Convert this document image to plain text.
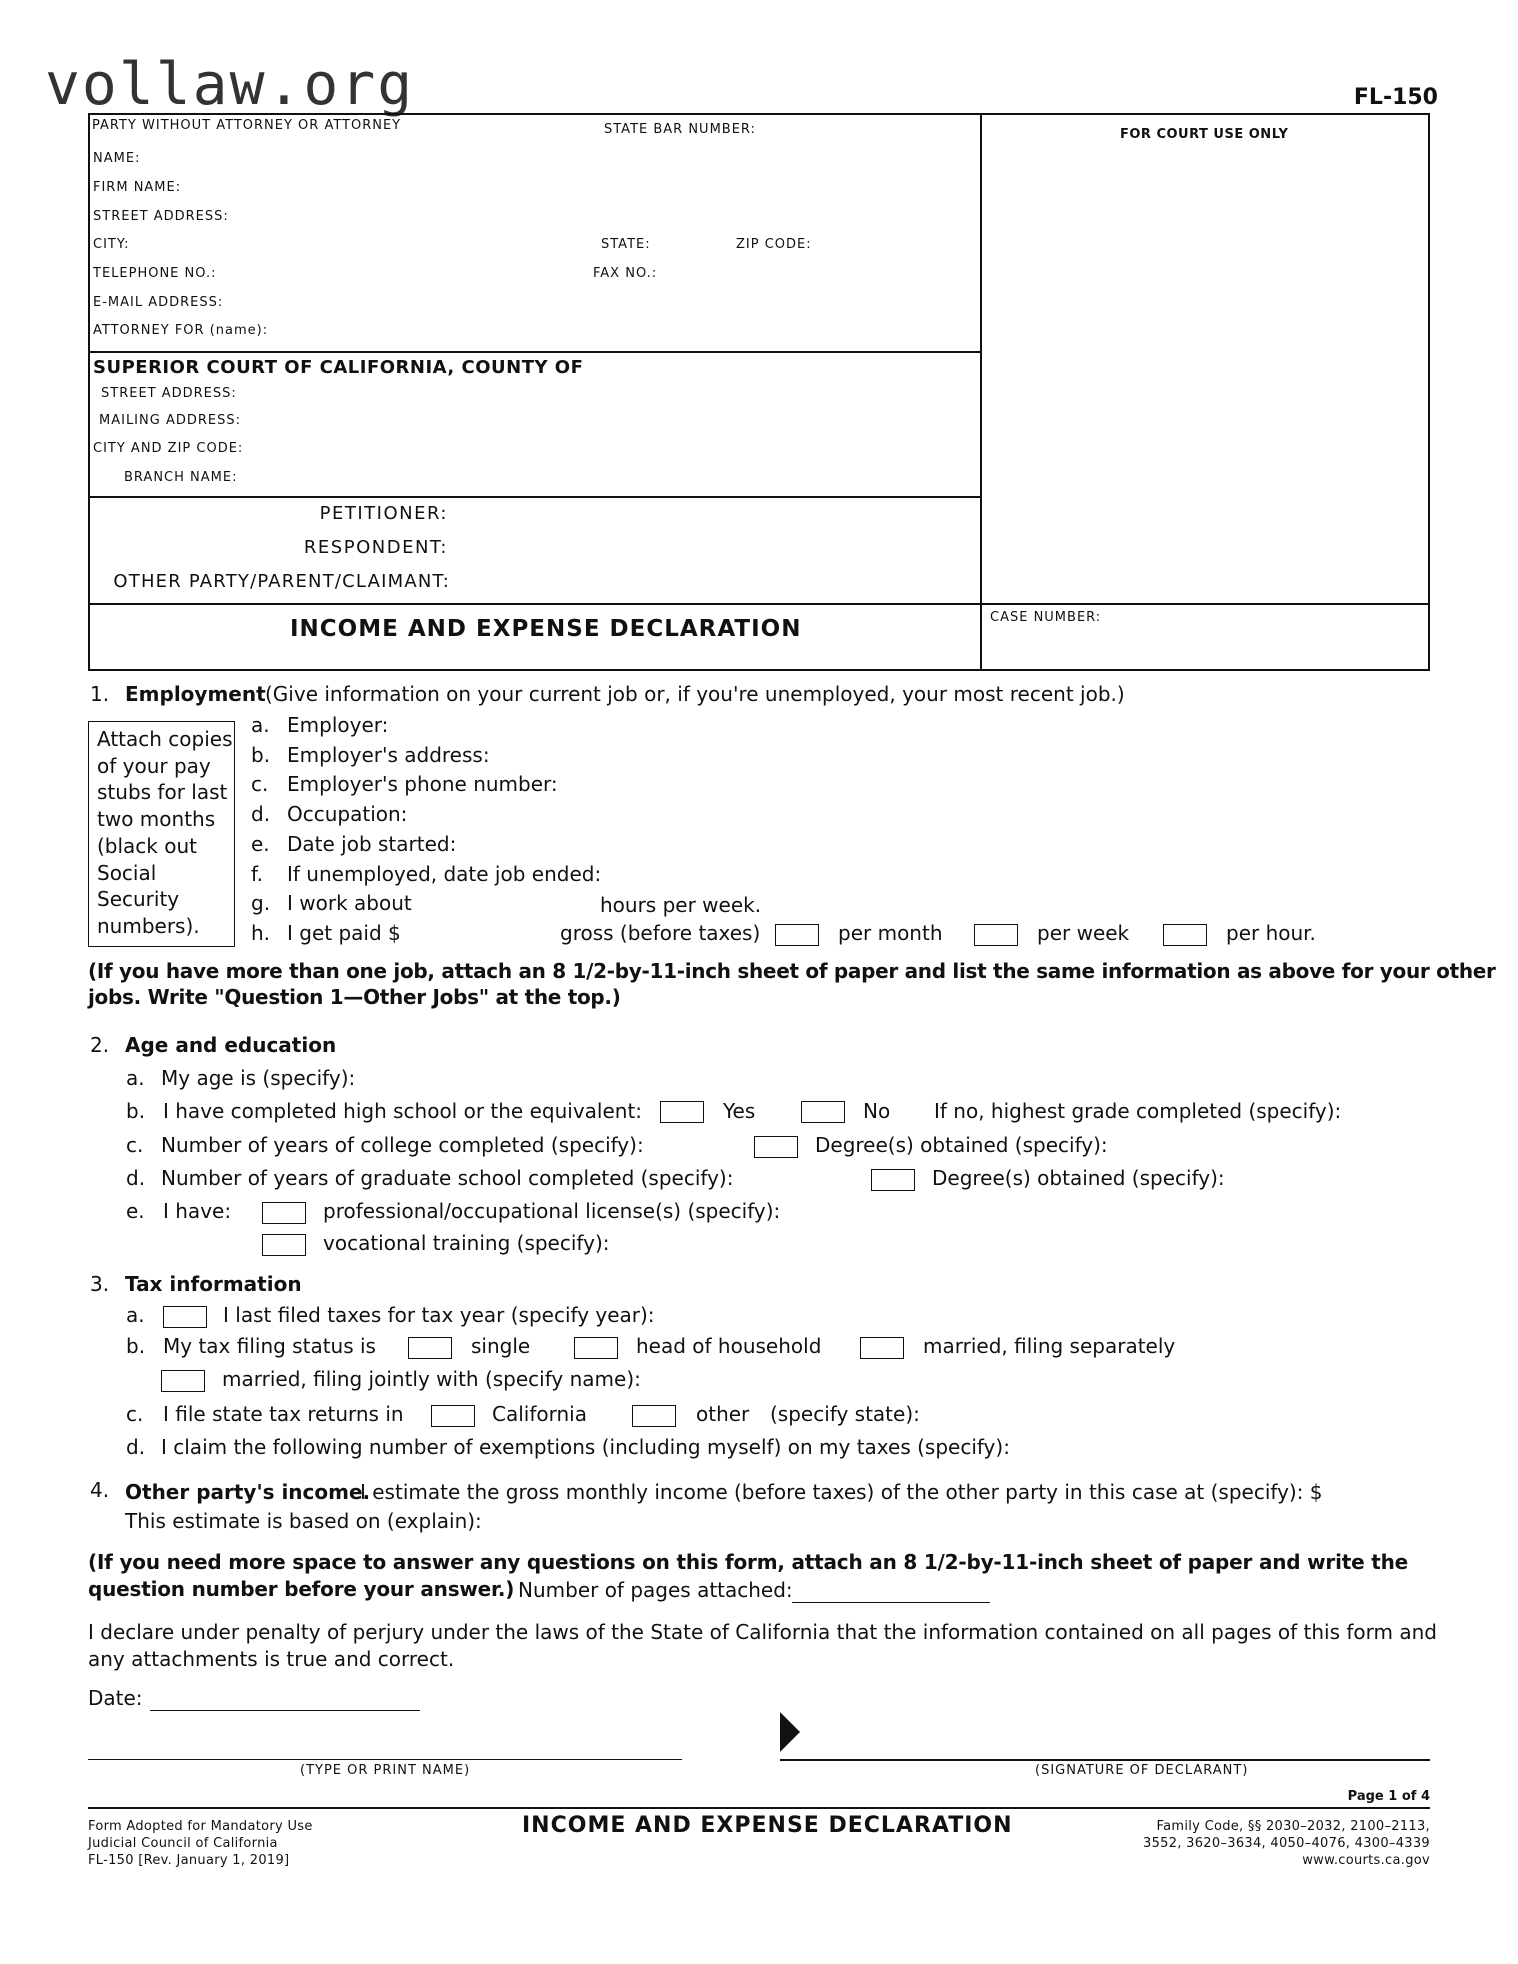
vollaw.org	FL-150
PARTY WITHOUT ATTORNEY OR ATTORNEY	STATE BAR NUMBER:	FOR COURT USE ONLY
NAME:
FIRM NAME:
STREET ADDRESS:
CITY:	STATE:	ZIP CODE:
TELEPHONE NO.:	FAX NO.:
E-MAIL ADDRESS:
ATTORNEY FOR (name):
SUPERIOR COURT OF CALIFORNIA, COUNTY OF
STREET ADDRESS:
MAILING ADDRESS:
CITY AND ZIP CODE:
BRANCH NAME:
PETITIONER:
RESPONDENT:
OTHER PARTY/PARENT/CLAIMANT:
INCOME AND EXPENSE DECLARATION	CASE NUMBER:
1. Employment (Give information on your current job or, if you're unemployed, your most recent job.)
Attach copies
of your pay
stubs for last
two months
(black out
Social
Security
numbers).
a. Employer:
b. Employer's address:
c. Employer's phone number:
d. Occupation:
e. Date job started:
f. If unemployed, date job ended:
g. I work about
h. I get paid $
hours per week.
gross (before taxes)	per month	per week	per hour.
(If you have more than one job, attach an 8 1/2-by-11-inch sheet of paper and list the same information as above for your other
jobs. Write "Question 1—Other Jobs" at the top.)
2. Age and education
a. My age is (specify):
b. I have completed high school or the equivalent:	Yes	No If no, highest grade completed (specify):
c. Number of years of college completed (specify):	Degree(s) obtained (specify):
d. Number of years of graduate school completed (specify):	Degree(s) obtained (specify):
e. I have:	professional/occupational license(s) (specify):
vocational training (specify):
3. Tax information
a.	I last filed taxes for tax year (specify year):
b. My tax filing status is	single	head of household	married, filing separately
married, filing jointly with (specify name):
c. I file state tax returns in	California	other (specify state):
d. I claim the following number of exemptions (including myself) on my taxes (specify):
4. Other party's income.
I estimate the gross monthly income (before taxes) of the other party in this case at (specify): $
This estimate is based on (explain):
(If you need more space to answer any questions on this form, attach an 8 1/2-by-11-inch sheet of paper and write the
question number before your answer.) Number of pages attached:
I declare under penalty of perjury under the laws of the State of California that the information contained on all pages of this form and
any attachments is true and correct.
Date:
(TYPE OR PRINT NAME)	(SIGNATURE OF DECLARANT)
Page 1 of 4
Form Adopted for Mandatory Use
Judicial Council of California
FL-150 [Rev. January 1, 2019]
INCOME AND EXPENSE DECLARATION	Family Code, §§ 2030–2032, 2100–2113,
3552, 3620–3634, 4050–4076, 4300–4339
www.courts.ca.gov
